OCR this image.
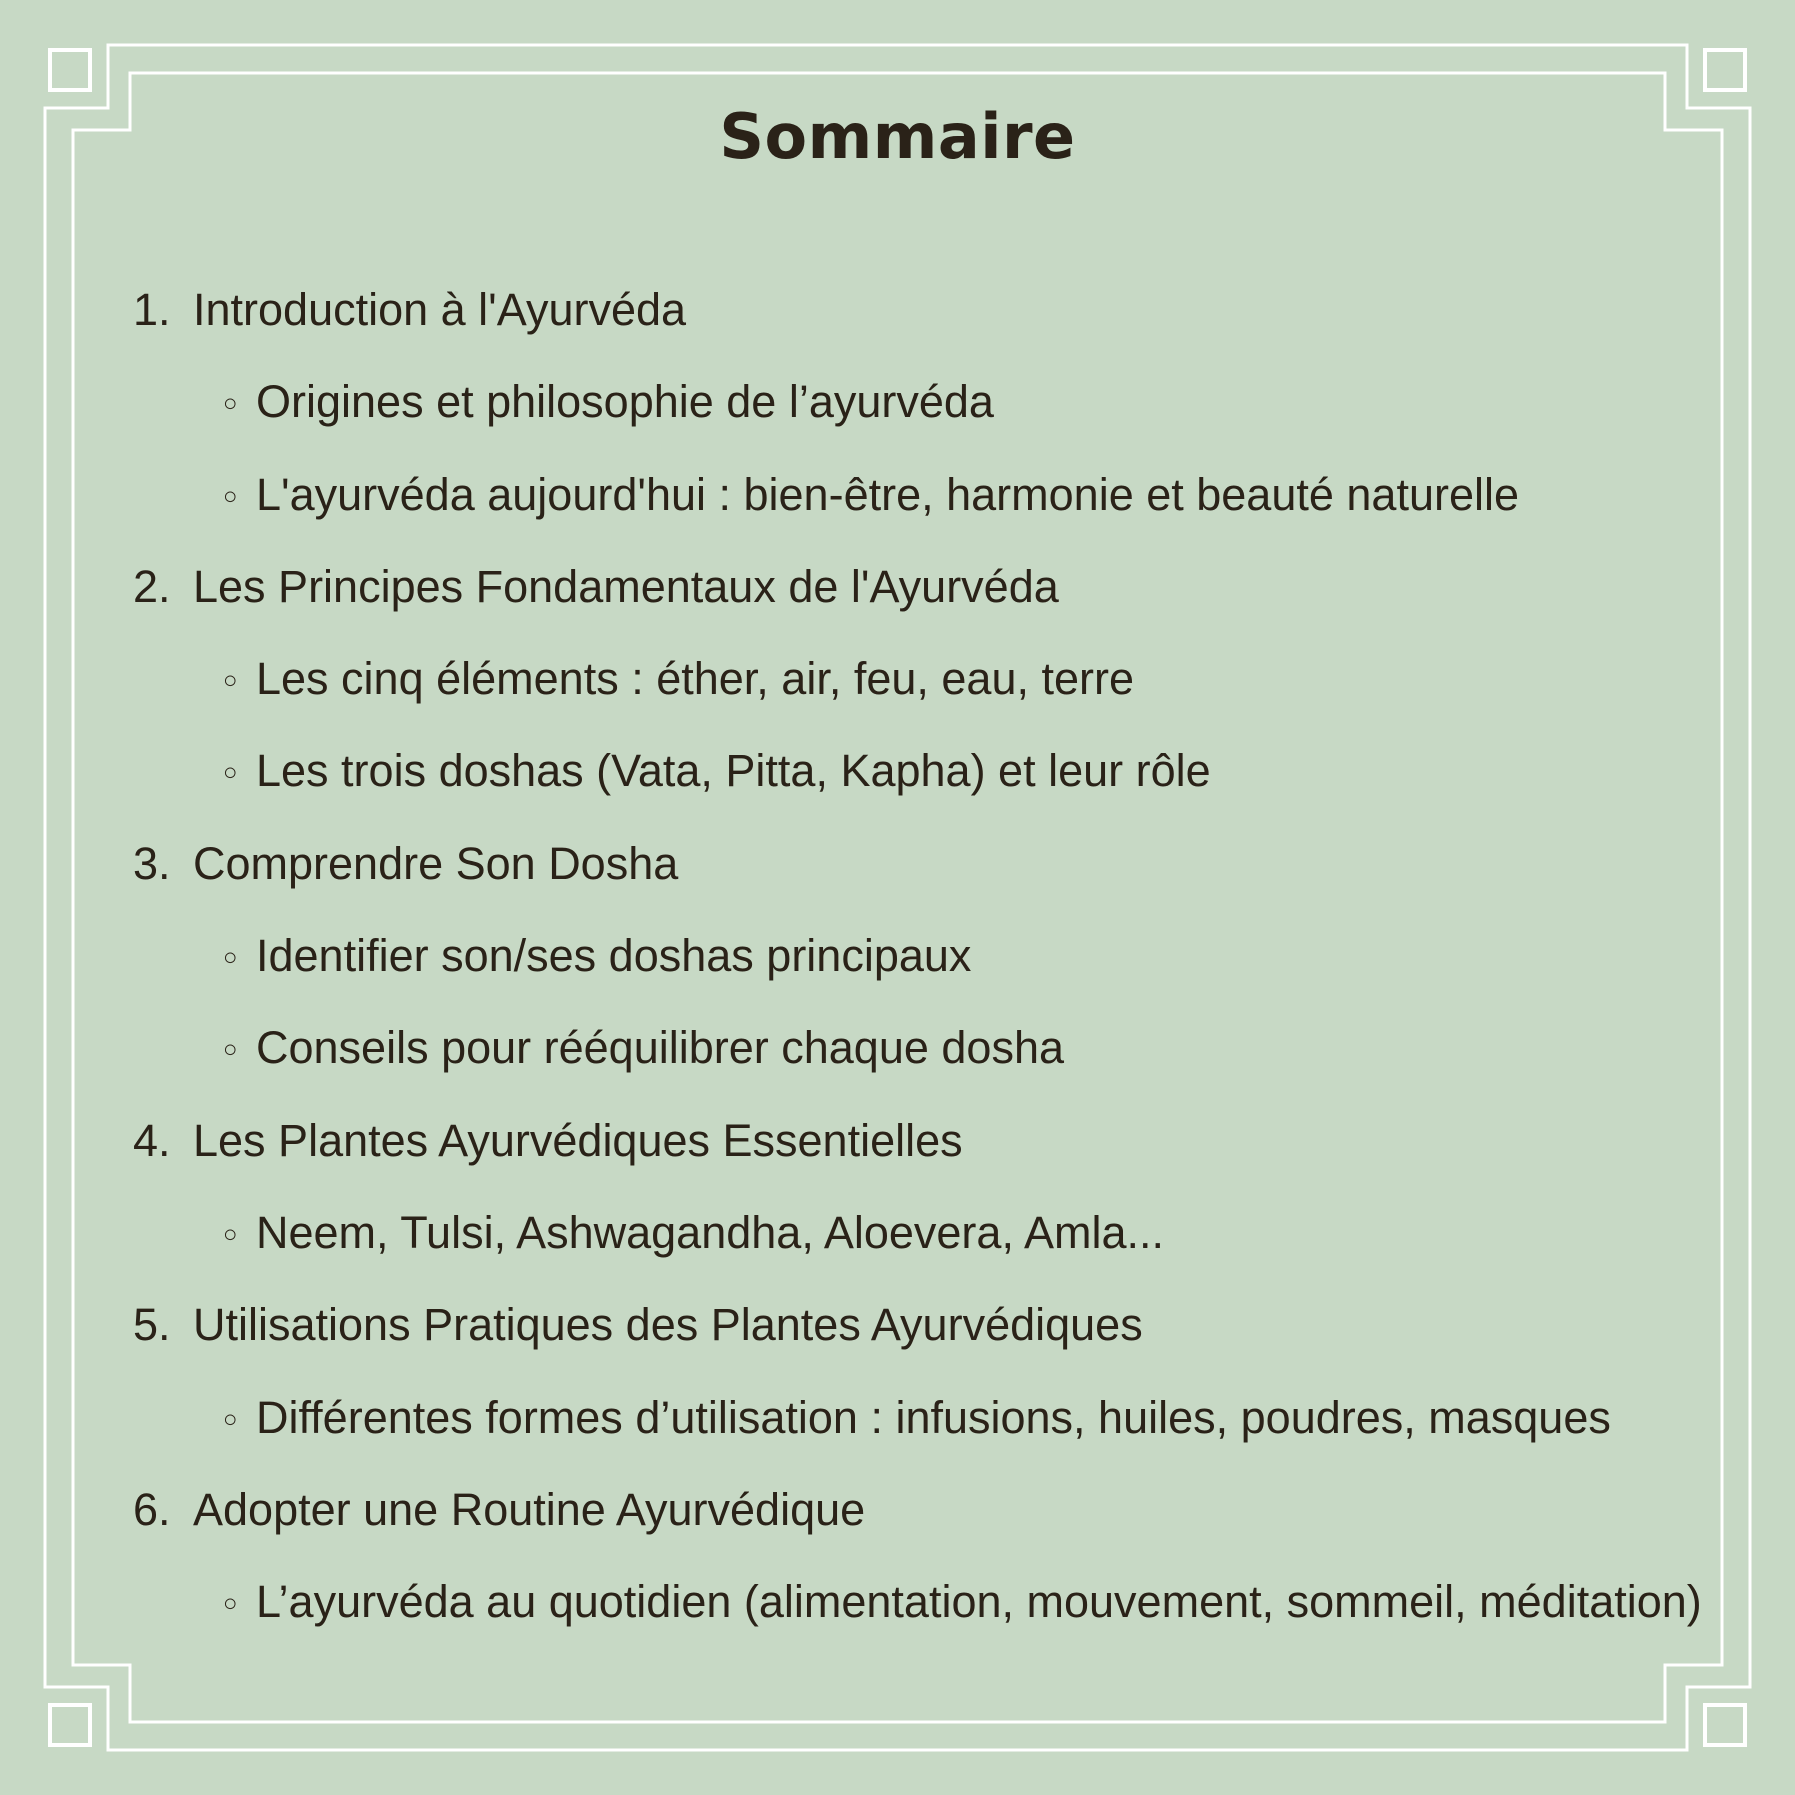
Sommaire
1. Introduction à l'Ayurvéda
○ Origines et philosophie de l’ayurvéda
○ L'ayurvéda aujourd'hui : bien-être, harmonie et beauté naturelle
2. Les Principes Fondamentaux de l'Ayurvéda
○ Les cinq éléments : éther, air, feu, eau, terre
○ Les trois doshas (Vata, Pitta, Kapha) et leur rôle
3. Comprendre Son Dosha
○ Identifier son/ses doshas principaux
○ Conseils pour rééquilibrer chaque dosha
4. Les Plantes Ayurvédiques Essentielles
○ Neem, Tulsi, Ashwagandha, Aloevera, Amla...
5. Utilisations Pratiques des Plantes Ayurvédiques
○ Différentes formes d’utilisation : infusions, huiles, poudres, masques
6. Adopter une Routine Ayurvédique
○ L’ayurvéda au quotidien (alimentation, mouvement, sommeil, méditation)
